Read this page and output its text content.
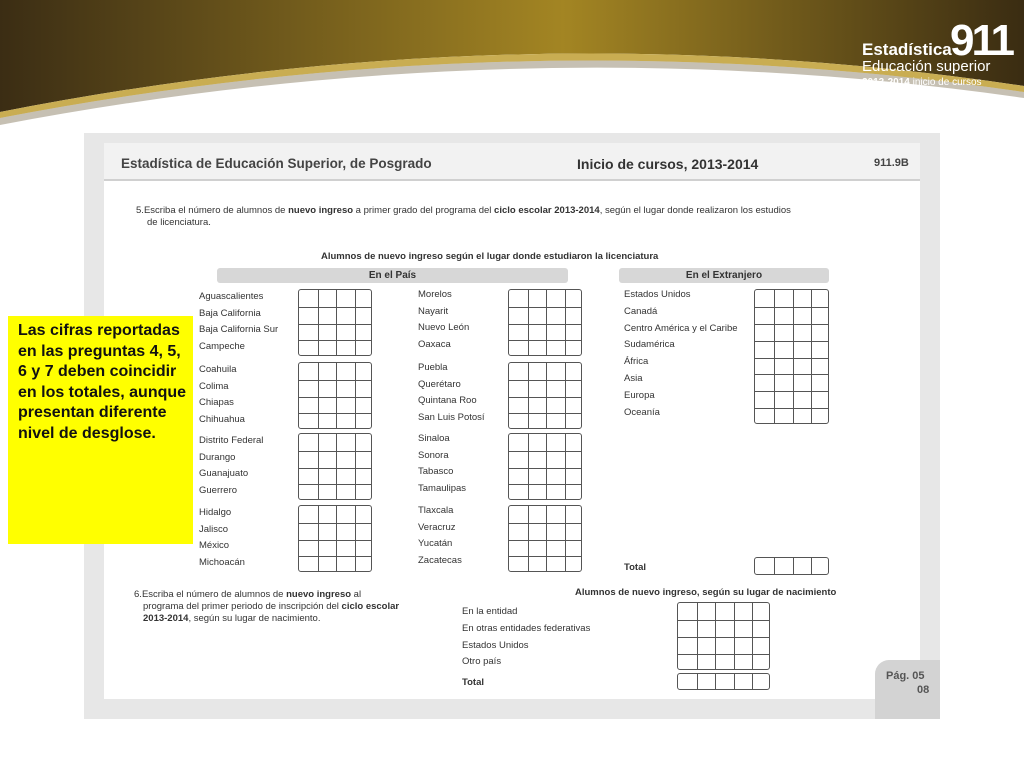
Estadística
911
Educación superior
2013-2014 inicio de cursos
Estadística de Educación Superior, de Posgrado	Inicio de cursos, 2013-2014	911.9B
5.Escriba el número de alumnos de nuevo ingreso a primer grado del programa del ciclo escolar 2013-2014, según el lugar donde realizaron los estudios
de licenciatura.
Alumnos de nuevo ingreso según el lugar donde estudiaron la licenciatura
En el País	En el Extranjero
Aguascalientes
Baja California
Baja California Sur
Campeche
Coahuila
Colima
Chiapas
Chihuahua
Distrito Federal
Durango
Guanajuato
Guerrero
Hidalgo
Jalisco
México
Michoacán
Morelos
Nayarit
Nuevo León
Oaxaca
Puebla
Querétaro
Quintana Roo
San Luis Potosí
Sinaloa
Sonora
Tabasco
Tamaulipas
Tlaxcala
Veracruz
Yucatán
Zacatecas
Estados Unidos
Canadá
Centro América y el Caribe
Sudamérica
África
Asia
Europa
Oceanía
Total
6.Escriba el número de alumnos de nuevo ingreso al
programa del primer periodo de inscripción del ciclo escolar
2013-2014, según su lugar de nacimiento.
Alumnos de nuevo ingreso, según su lugar de nacimiento
En la entidad
En otras entidades federativas
Estados Unidos
Otro país
Total
Pág. 05
08

Las cifras reportadas en las preguntas 4, 5, 6 y 7 deben coincidir en los totales, aunque presentan diferente nivel de desglose.
